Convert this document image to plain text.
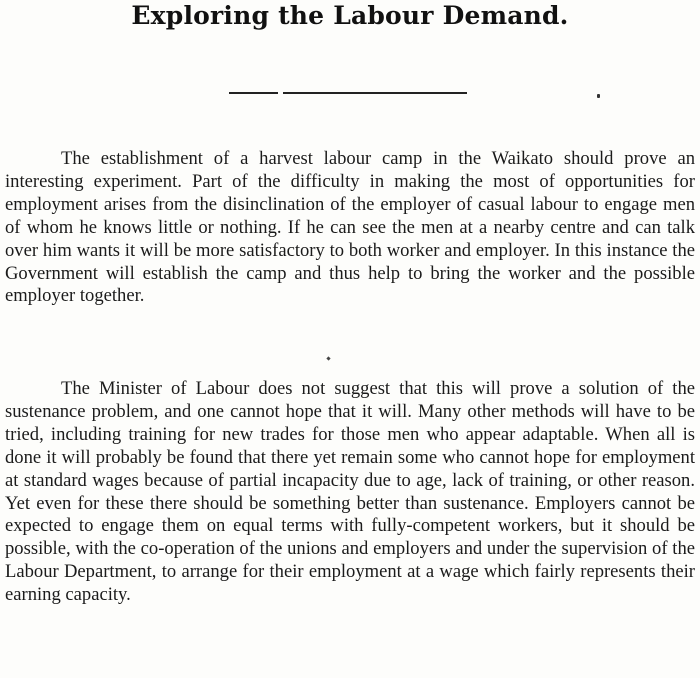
Exploring the Labour Demand.

The establishment of a harvest labour camp in the Waikato should prove an interesting experiment. Part of the difficulty in making the most of opportunities for employment arises from the disinclination of the employer of casual labour to engage men of whom he knows little or nothing. If he can see the men at a nearby centre and can talk over him wants it will be more satisfactory to both worker and employer. In this instance the Government will establish the camp and thus help to bring the worker and the possible employer together.

The Minister of Labour does not suggest that this will prove a solution of the sustenance problem, and one cannot hope that it will. Many other methods will have to be tried, including training for new trades for those men who appear adaptable. When all is done it will probably be found that there yet remain some who cannot hope for employment at standard wages because of partial incapacity due to age, lack of training, or other reason. Yet even for these there should be something better than sustenance. Employers cannot be expected to engage them on equal terms with fully-competent workers, but it should be possible, with the co-operation of the unions and employers and under the supervision of the Labour Department, to arrange for their employment at a wage which fairly represents their earning capacity.
